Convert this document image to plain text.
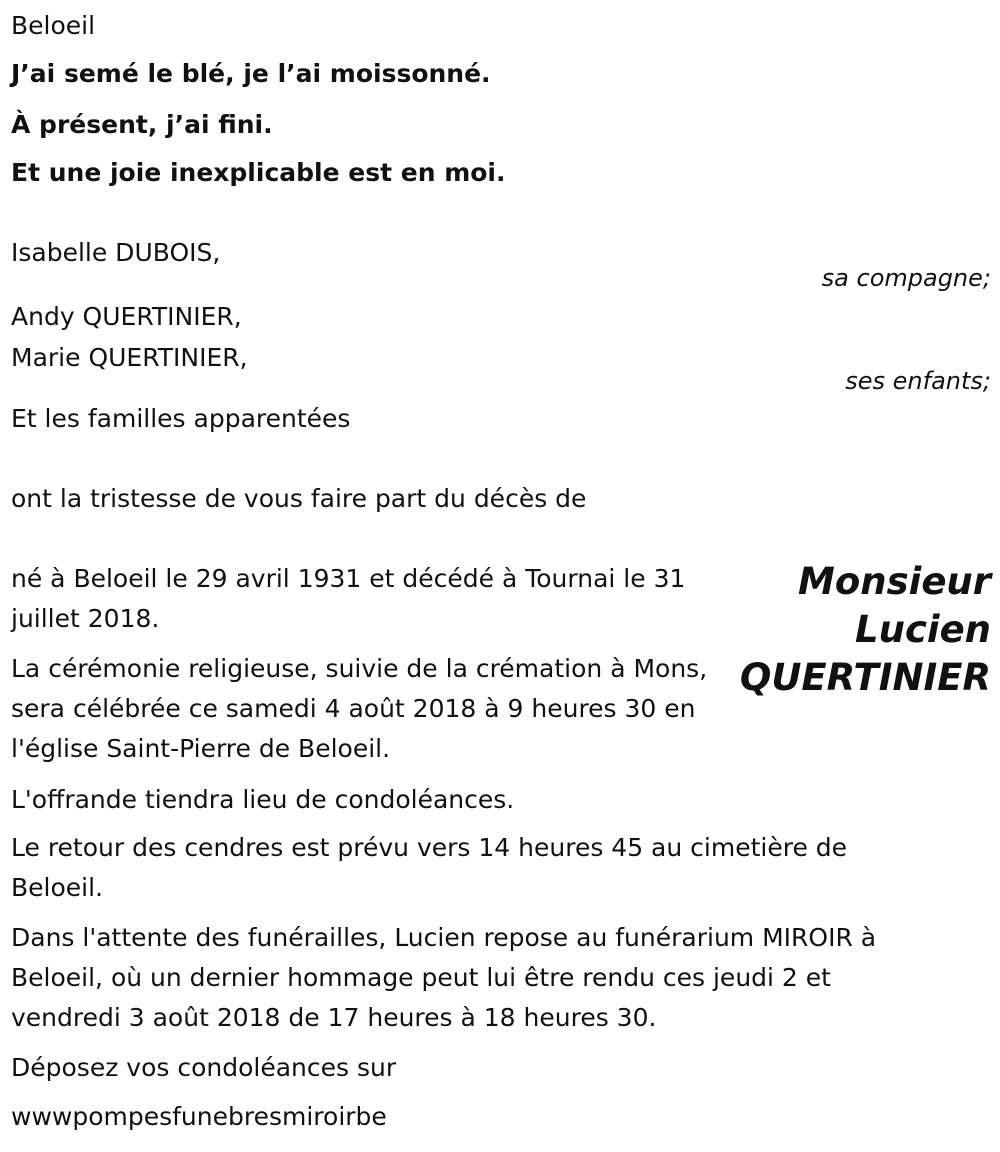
Beloeil
J’ai semé le blé, je l’ai moissonné.
À présent, j’ai fini.
Et une joie inexplicable est en moi.
Isabelle DUBOIS,
sa compagne;
Andy QUERTINIER,
Marie QUERTINIER,
ses enfants;
Et les familles apparentées
ont la tristesse de vous faire part du décès de
Monsieur
Lucien
QUERTINIER
né à Beloeil le 29 avril 1931 et décédé à Tournai le 31 juillet 2018.
La cérémonie religieuse, suivie de la crémation à Mons, sera célébrée ce samedi 4 août 2018 à 9 heures 30 en l'église Saint-Pierre de Beloeil.
L'offrande tiendra lieu de condoléances.
Le retour des cendres est prévu vers 14 heures 45 au cimetière de Beloeil.
Dans l'attente des funérailles, Lucien repose au funérarium MIROIR à Beloeil, où un dernier hommage peut lui être rendu ces jeudi 2 et vendredi 3 août 2018 de 17 heures à 18 heures 30.
Déposez vos condoléances sur
wwwpompesfunebresmiroirbe
